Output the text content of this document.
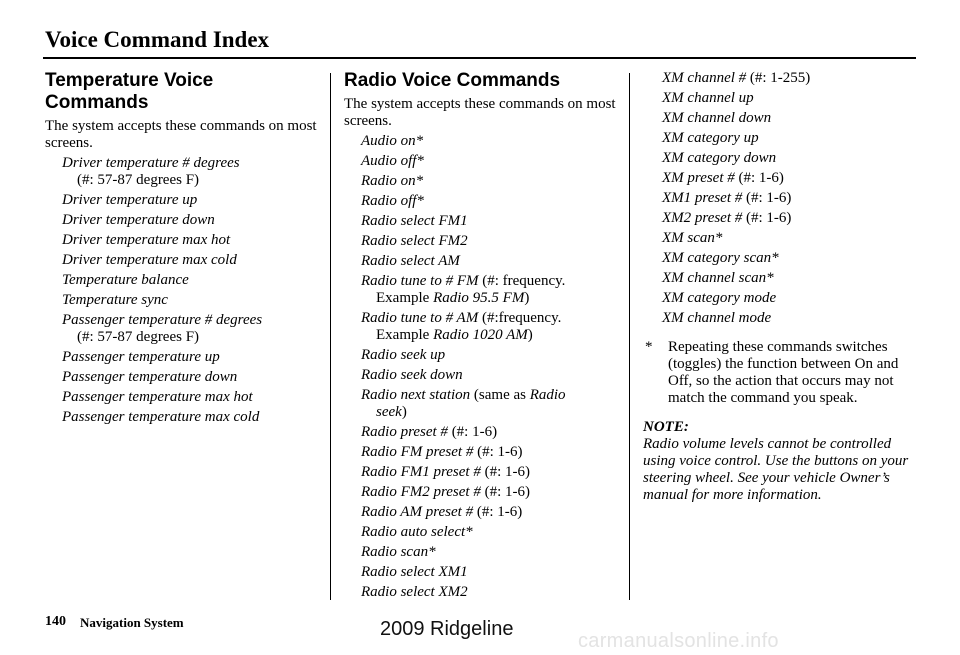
Voice Command Index
Temperature Voice Commands
The system accepts these commands on most screens.
Driver temperature # degrees
(#: 57-87 degrees F)
Driver temperature up
Driver temperature down
Driver temperature max hot
Driver temperature max cold
Temperature balance
Temperature sync
Passenger temperature # degrees
(#: 57-87 degrees F)
Passenger temperature up
Passenger temperature down
Passenger temperature max hot
Passenger temperature max cold
Radio Voice Commands
The system accepts these commands on most screens.
Audio on*
Audio off*
Radio on*
Radio off*
Radio select FM1
Radio select FM2
Radio select AM
Radio tune to # FM (#: frequency.
Example Radio 95.5 FM)
Radio tune to # AM (#:frequency.
Example Radio 1020 AM)
Radio seek up
Radio seek down
Radio next station (same as Radio
seek)
Radio preset # (#: 1-6)
Radio FM preset # (#: 1-6)
Radio FM1 preset # (#: 1-6)
Radio FM2 preset # (#: 1-6)
Radio AM preset # (#: 1-6)
Radio auto select*
Radio scan*
Radio select XM1
Radio select XM2
XM channel # (#: 1-255)
XM channel up
XM channel down
XM category up
XM category down
XM preset # (#: 1-6)
XM1 preset # (#: 1-6)
XM2 preset # (#: 1-6)
XM scan*
XM category scan*
XM channel scan*
XM category mode
XM channel mode
* Repeating these commands switches (toggles) the function between On and Off, so the action that occurs may not match the command you speak.
NOTE:
Radio volume levels cannot be controlled using voice control. Use the buttons on your steering wheel. See your vehicle Owner’s manual for more information.
140 Navigation System	2009 Ridgeline
carmanualsonline.info
